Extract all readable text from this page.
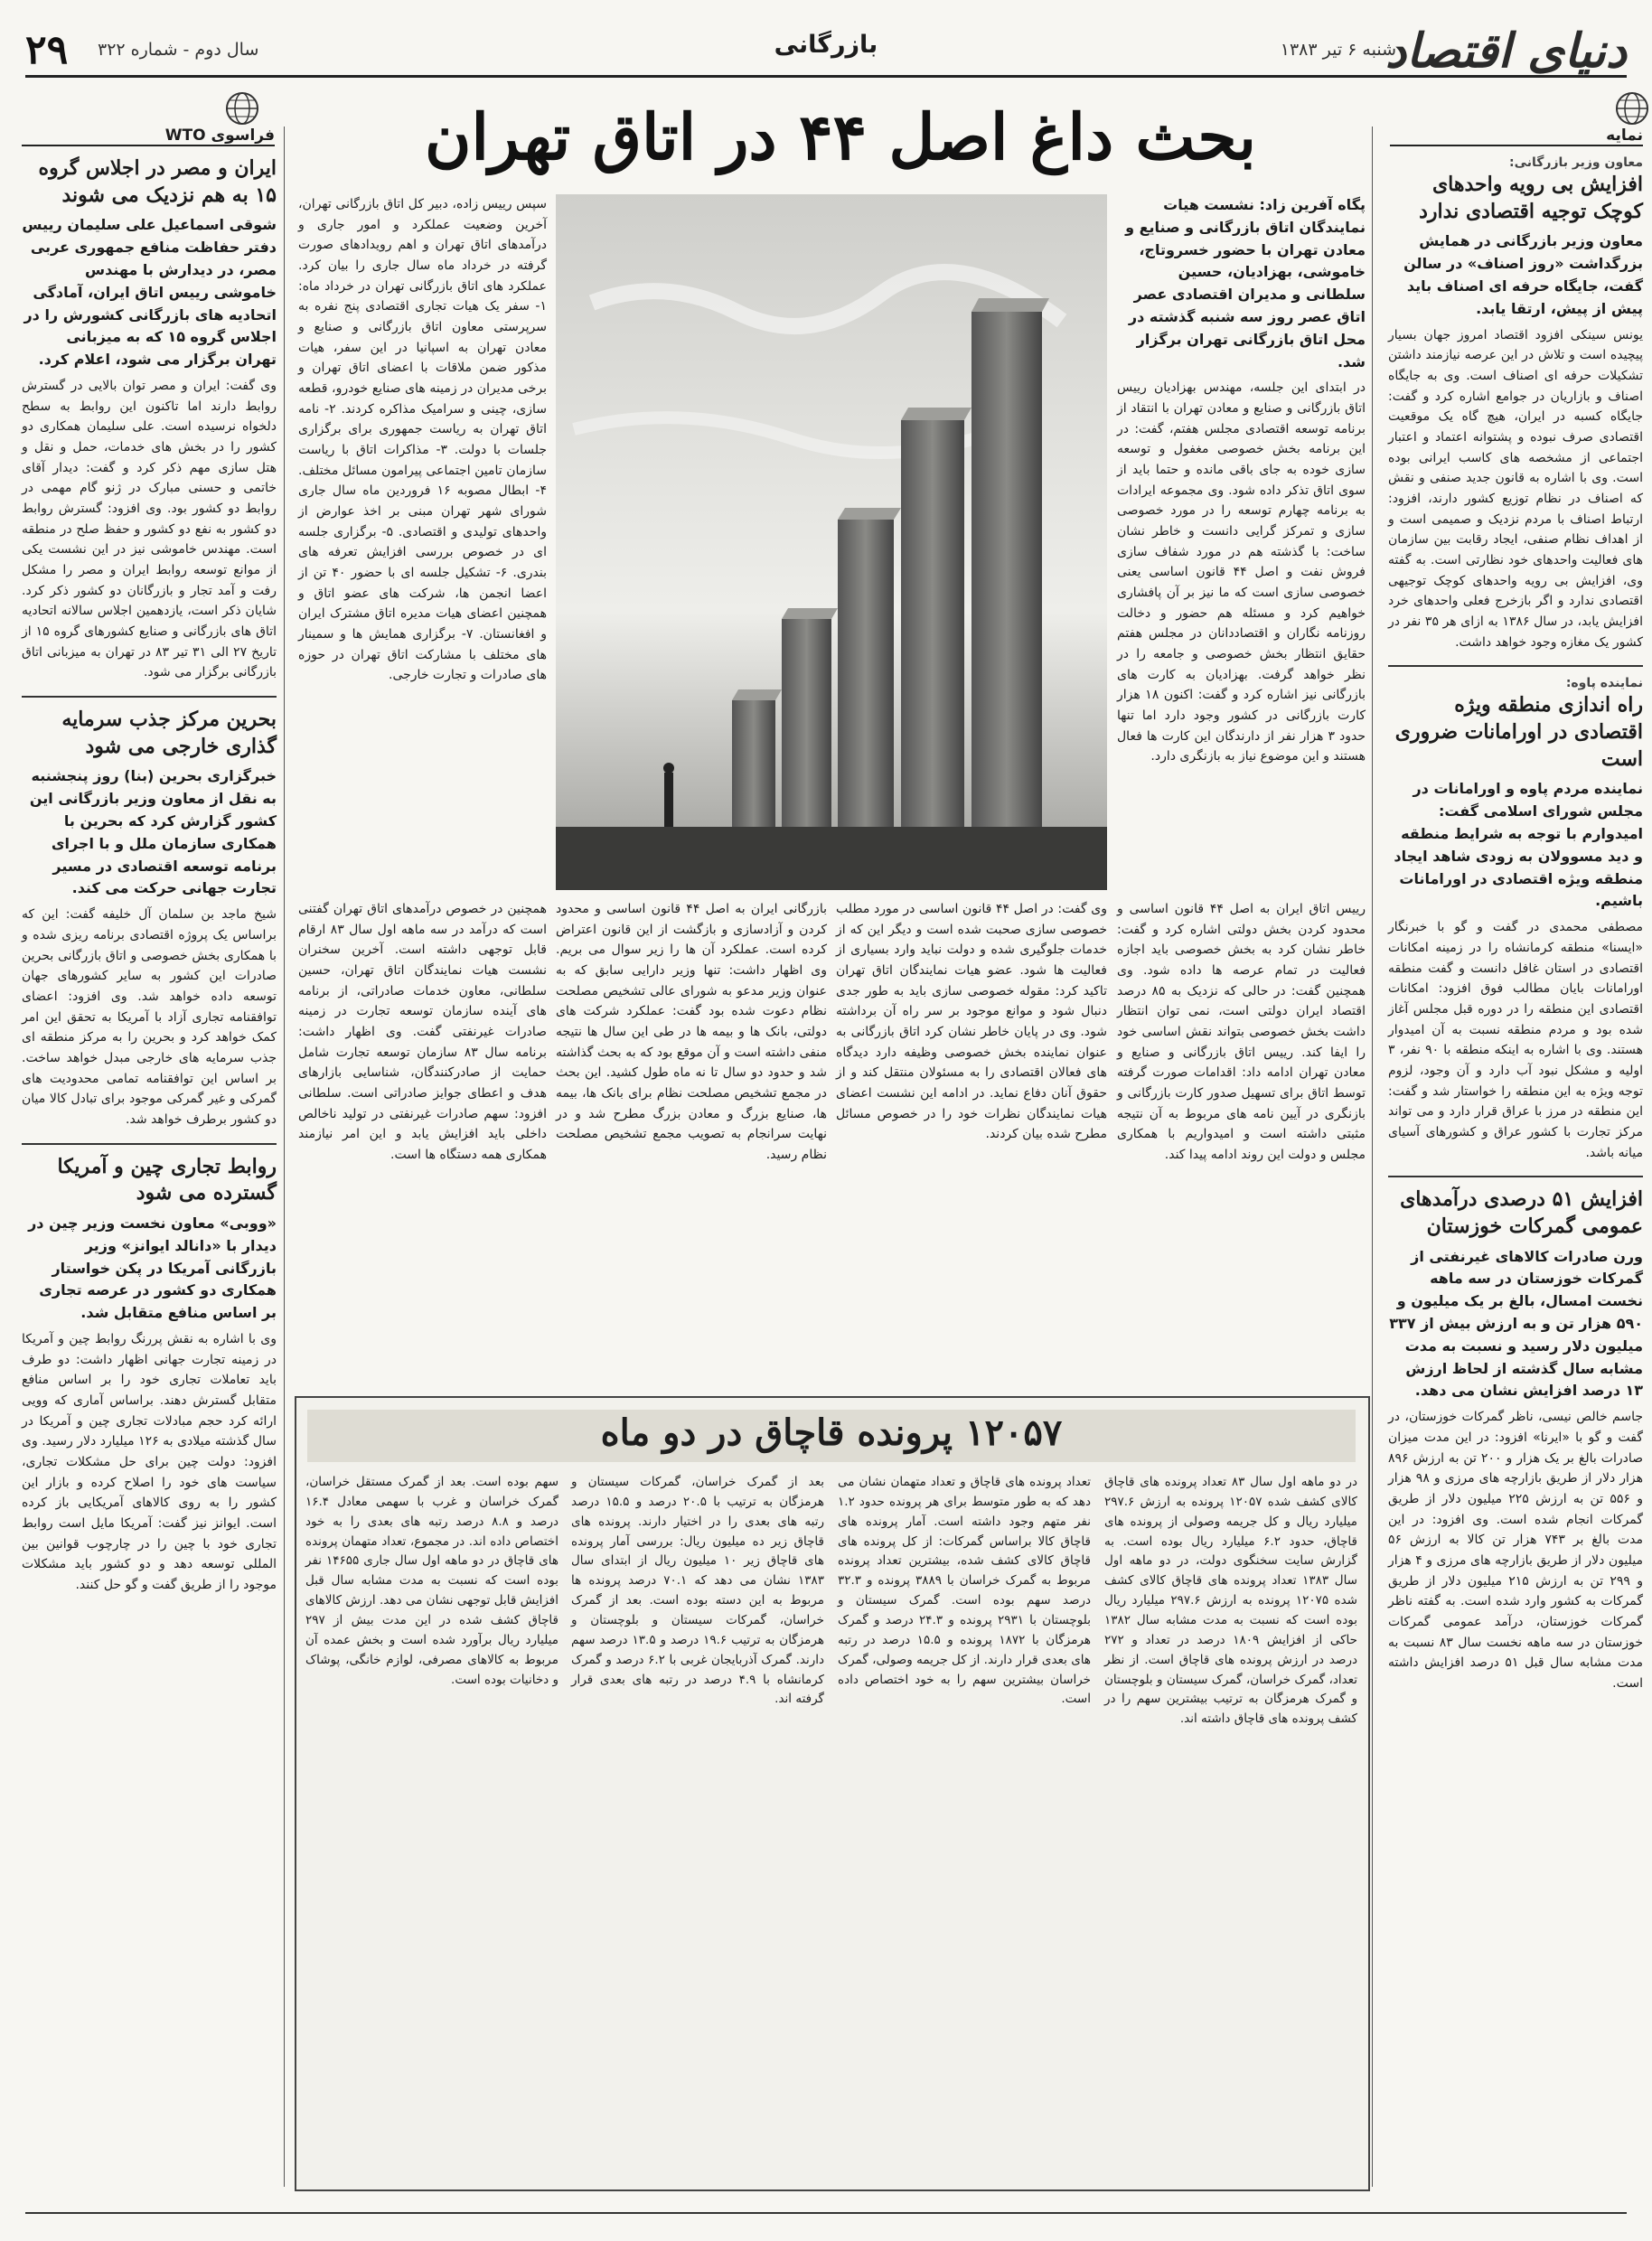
۲۹ سال دوم - شماره ۳۲۲	بازرگانی	شنبه ۶ تیر ۱۳۸۳
دنیای اقتصاد
نمایه
معاون وزیر بازرگانی:
افزایش بی رویه واحدهای کوچک توجیه اقتصادی ندارد
معاون وزیر بازرگانی در همایش بزرگداشت «روز اصناف» در سالن گفت، جایگاه حرفه ای اصناف باید پیش از پیش، ارتقا یابد.
یونس سینکی افزود اقتصاد امروز جهان بسیار پیچیده است و تلاش در این عرصه نیازمند داشتن تشکیلات حرفه ای اصناف است. وی به جایگاه اصناف و بازاریان در جوامع اشاره کرد و گفت: جایگاه کسبه در ایران، هیچ گاه یک موقعیت اقتصادی صرف نبوده و پشتوانه اعتماد و اعتبار اجتماعی از مشخصه های کاسب ایرانی بوده است. وی با اشاره به قانون جدید صنفی و نقش که اصناف در نظام توزیع کشور دارند، افزود: ارتباط اصناف با مردم نزدیک و صمیمی است و از اهداف نظام صنفی، ایجاد رقابت بین سازمان های فعالیت واحدهای خود نظارتی است. به گفته وی، افزایش بی رویه واحدهای کوچک توجیهی اقتصادی ندارد و اگر بازخرج فعلی واحدهای خرد افزایش یابد، در سال ۱۳۸۶ به ازای هر ۳۵ نفر در کشور یک مغازه وجود خواهد داشت.
نماینده پاوه:
راه اندازی منطقه ویژه اقتصادی در اورامانات ضروری است
نماینده مردم پاوه و اورامانات در مجلس شورای اسلامی گفت: اميدوارم با توجه به شرايط منطقه و ديد مسوولان به زودی شاهد ایجاد منطقه ويژه اقتصادی در اورامانات باشيم.
مصطفی محمدی در گفت و گو با خبرنگار «ایسنا» منطقه کرمانشاه را در زمینه امکانات اقتصادی در استان غافل دانست و گفت منطقه اورامانات بایان مطالب فوق افزود: امکانات اقتصادی این منطقه را در دوره قبل مجلس آغاز شده بود و مردم منطقه نسبت به آن امیدوار هستند. وی با اشاره به اینکه منطقه با ۹۰ نفر، ۳ اولیه و مشکل نبود آب دارد و آن وجود، لزوم توجه ویژه به این منطقه را خواستار شد و گفت: این منطقه در مرز با عراق قرار دارد و می تواند مرکز تجارت با کشور عراق و کشورهای آسیای میانه باشد.
افزایش ۵۱ درصدی درآمدهای عمومی گمرکات خوزستان
ورن صادرات کالاهای غیرنفتی از گمرکات خوزستان در سه ماهه نخست امسال، بالغ بر یک میلیون و ۵۹۰ هزار تن و به ارزش بیش از ۳۳۷ میلیون دلار رسید و نسبت به مدت مشابه سال گذشته از لحاظ ارزش ۱۳ درصد افزایش نشان می دهد.
جاسم خالص نیسی، ناظر گمرکات خوزستان، در گفت و گو با «ایرنا» افزود: در این مدت میزان صادرات بالغ بر یک هزار و ۲۰۰ تن به ارزش ۸۹۶ هزار دلار از طریق بازارچه های مرزی و ۹۸ هزار و ۵۵۶ تن به ارزش ۲۲۵ میلیون دلار از طریق گمرکات انجام شده است. وی افزود: در این مدت بالغ بر ۷۴۳ هزار تن کالا به ارزش ۵۶ میلیون دلار از طریق بازارچه های مرزی و ۴ هزار و ۲۹۹ تن به ارزش ۲۱۵ میلیون دلار از طریق گمرکات به کشور وارد شده است. به گفته ناظر گمرکات خوزستان، درآمد عمومی گمرکات خوزستان در سه ماهه نخست سال ۸۳ نسبت به مدت مشابه سال قبل ۵۱ درصد افزایش داشته است.
فراسوی WTO
ایران و مصر در اجلاس گروه ۱۵ به هم نزدیک می شوند
شوقی اسماعیل علی سلیمان رییس دفتر حفاظت منافع جمهوری عربی مصر، در دیدارش با مهندس خاموشی رییس اتاق ایران، آمادگی اتحادیه های بازرگانی کشورش را در اجلاس گروه ۱۵ که به میزبانی تهران برگزار می شود، اعلام کرد.
وی گفت: ایران و مصر توان بالایی در گسترش روابط دارند اما تاکنون این روابط به سطح دلخواه نرسیده است. علی سلیمان همکاری دو کشور را در بخش های خدمات، حمل و نقل و هتل سازی مهم ذکر کرد و گفت: دیدار آقای خاتمی و حسنی مبارک در ژنو گام مهمی در روابط دو کشور بود. وی افزود: گسترش روابط دو کشور به نفع دو کشور و حفظ صلح در منطقه است. مهندس خاموشی نیز در این نشست یکی از موانع توسعه روابط ایران و مصر را مشکل رفت و آمد تجار و بازرگانان دو کشور ذکر کرد. شایان ذکر است، یازدهمین اجلاس سالانه اتحادیه اتاق های بازرگانی و صنایع کشورهای گروه ۱۵ از تاریخ ۲۷ الی ۳۱ تیر ۸۳ در تهران به میزبانی اتاق بازرگانی برگزار می شود.
بحرین مرکز جذب سرمایه گذاری خارجی می شود
خبرگزاری بحرین (بنا) روز پنجشنبه به نقل از معاون وزیر بازرگانی این کشور گزارش کرد که بحرین با همکاری سازمان ملل و با اجرای برنامه توسعه اقتصادی در مسیر تجارت جهانی حرکت می کند.
شیخ ماجد بن سلمان آل خلیفه گفت: این که براساس یک پروژه اقتصادی برنامه ریزی شده و با همکاری بخش خصوصی و اتاق بازرگانی بحرین صادرات این کشور به سایر کشورهای جهان توسعه داده خواهد شد. وی افزود: اعضای توافقنامه تجاری آزاد با آمریکا به تحقق این امر کمک خواهد کرد و بحرین را به مرکز منطقه ای جذب سرمایه های خارجی مبدل خواهد ساخت. بر اساس این توافقنامه تمامی محدودیت های گمرکی و غیر گمرکی موجود برای تبادل کالا میان دو کشور برطرف خواهد شد.
روابط تجاری چین و آمریکا گسترده می شود
«ووبی» معاون نخست وزیر چین در دیدار با «دانالد ایوانز» وزیر بازرگانی آمریکا در پکن خواستار همکاری دو کشور در عرصه تجاری بر اساس منافع متقابل شد.
وی با اشاره به نقش پررنگ روابط چین و آمریکا در زمینه تجارت جهانی اظهار داشت: دو طرف باید تعاملات تجاری خود را بر اساس منافع متقابل گسترش دهند. براساس آماری که وویی ارائه کرد حجم مبادلات تجاری چین و آمریکا در سال گذشته میلادی به ۱۲۶ میلیارد دلار رسید. وی افزود: دولت چین برای حل مشکلات تجاری، سیاست های خود را اصلاح کرده و بازار این کشور را به روی کالاهای آمریکایی باز کرده است. ایوانز نیز گفت: آمریکا مایل است روابط تجاری خود با چین را در چارچوب قوانین بین المللی توسعه دهد و دو کشور باید مشکلات موجود را از طریق گفت و گو حل کنند.
بحث داغ اصل ۴۴ در اتاق تهران
پگاه آفرین زاد: نشست هیات نمایندگان اتاق بازرگانی و صنایع و معادن تهران با حضور خسروتاج، خاموشی، بهزادیان، حسین سلطانی و مدیران اقتصادی عصر اتاق عصر روز سه شنبه گذشته در محل اتاق بازرگانی تهران برگزار شد.
در ابتدای این جلسه، مهندس بهزادیان رییس اتاق بازرگانی و صنایع و معادن تهران با انتقاد از برنامه توسعه اقتصادی مجلس هفتم، گفت: در این برنامه بخش خصوصی مغفول و توسعه سازی خوده به جای باقی مانده و حتما باید از سوی اتاق تذکر داده شود. وی مجموعه ایرادات به برنامه چهارم توسعه را در مورد خصوصی سازی و تمرکز گرایی دانست و خاطر نشان ساخت: با گذشته هم در مورد شفاف سازی فروش نفت و اصل ۴۴ قانون اساسی یعنی خصوصی سازی است که ما نیز بر آن پافشاری خواهیم کرد و مسئله هم حضور و دخالت روزنامه نگاران و اقتصاددانان در مجلس هفتم حقایق انتظار بخش خصوصی و جامعه را در نظر خواهد گرفت. بهزادیان به کارت های بازرگانی نیز اشاره کرد و گفت: اکنون ۱۸ هزار کارت بازرگانی در کشور وجود دارد اما تنها حدود ۳ هزار نفر از دارندگان این کارت ها فعال هستند و این موضوع نیاز به بازنگری دارد.
سپس رییس زاده، دبیر کل اتاق بازرگانی تهران، آخرین وضعیت عملکرد و امور جاری و درآمدهای اتاق تهران و اهم رویدادهای صورت گرفته در خرداد ماه سال جاری را بیان کرد. عملکرد های اتاق بازرگانی تهران در خرداد ماه: ۱- سفر یک هیات تجاری اقتصادی پنج نفره به سرپرستی معاون اتاق بازرگانی و صنایع و معادن تهران به اسپانیا در این سفر، هیات مذکور ضمن ملاقات با اعضای اتاق تهران و برخی مدیران در زمینه های صنایع خودرو، قطعه سازی، چینی و سرامیک مذاکره کردند. ۲- نامه اتاق تهران به ریاست جمهوری برای برگزاری جلسات با دولت. ۳- مذاکرات اتاق با ریاست سازمان تامین اجتماعی پیرامون مسائل مختلف. ۴- ابطال مصوبه ۱۶ فروردین ماه سال جاری شورای شهر تهران مبنی بر اخذ عوارض از واحدهای تولیدی و اقتصادی. ۵- برگزاری جلسه ای در خصوص بررسی افزایش تعرفه های بندری. ۶- تشکیل جلسه ای با حضور ۴۰ تن از اعضا انجمن ها، شرکت های عضو اتاق و همچنین اعضای هیات مدیره اتاق مشترک ایران و افغانستان. ۷- برگزاری همایش ها و سمینار های مختلف با مشارکت اتاق تهران در حوزه های صادرات و تجارت خارجی.
رییس اتاق ایران به اصل ۴۴ قانون اساسی و محدود کردن بخش دولتی اشاره کرد و گفت: خاطر نشان کرد به بخش خصوصی باید اجازه فعالیت در تمام عرصه ها داده شود. وی همچنین گفت: در حالی که نزدیک به ۸۵ درصد اقتصاد ایران دولتی است، نمی توان انتظار داشت بخش خصوصی بتواند نقش اساسی خود را ایفا کند. رییس اتاق بازرگانی و صنایع و معادن تهران ادامه داد: اقدامات صورت گرفته توسط اتاق برای تسهیل صدور کارت بازرگانی و بازنگری در آیین نامه های مربوط به آن نتیجه مثبتی داشته است و امیدواریم با همکاری مجلس و دولت این روند ادامه پیدا کند.
وی گفت: در اصل ۴۴ قانون اساسی در مورد مطلب خصوصی سازی صحبت شده است و دیگر این که از خدمات جلوگیری شده و دولت نباید وارد بسیاری از فعالیت ها شود. عضو هیات نمایندگان اتاق تهران تاکید کرد: مقوله خصوصی سازی باید به طور جدی دنبال شود و موانع موجود بر سر راه آن برداشته شود. وی در پایان خاطر نشان کرد اتاق بازرگانی به عنوان نماینده بخش خصوصی وظیفه دارد دیدگاه های فعالان اقتصادی را به مسئولان منتقل کند و از حقوق آنان دفاع نماید. در ادامه این نشست اعضای هیات نمایندگان نظرات خود را در خصوص مسائل مطرح شده بیان کردند.
بازرگانی ایران به اصل ۴۴ قانون اساسی و محدود کردن و آزادسازی و بازگشت از این قانون اعتراض کرده است. عملکرد آن ها را زیر سوال می بریم. وی اظهار داشت: تنها وزیر دارایی سابق که به عنوان وزیر مدعو به شورای عالی تشخیص مصلحت نظام دعوت شده بود گفت: عملکرد شرکت های دولتی، بانک ها و بیمه ها در طی این سال ها نتیجه منفی داشته است و آن موقع بود که به بحث گذاشته شد و حدود دو سال تا نه ماه طول کشید. این بحث در مجمع تشخیص مصلحت نظام برای بانک ها، بیمه ها، صنایع بزرگ و معادن بزرگ مطرح شد و در نهایت سرانجام به تصویب مجمع تشخیص مصلحت نظام رسید.
همچنین در خصوص درآمدهای اتاق تهران گفتنی است که درآمد در سه ماهه اول سال ۸۳ ارقام قابل توجهی داشته است. آخرین سخنران نشست هیات نمایندگان اتاق تهران، حسین سلطانی، معاون خدمات صادراتی، از برنامه های آینده سازمان توسعه تجارت در زمینه صادرات غیرنفتی گفت. وی اظهار داشت: برنامه سال ۸۳ سازمان توسعه تجارت شامل حمایت از صادرکنندگان، شناسایی بازارهای هدف و اعطای جوایز صادراتی است. سلطانی افزود: سهم صادرات غیرنفتی در تولید ناخالص داخلی باید افزایش یابد و این امر نیازمند همکاری همه دستگاه ها است.
۱۲۰۵۷ پرونده قاچاق در دو ماه
در دو ماهه اول سال ۸۳ تعداد پرونده های قاچاق کالای کشف شده ۱۲۰۵۷ پرونده به ارزش ۲۹۷.۶ میلیارد ریال و کل جریمه وصولی از پرونده های قاچاق، حدود ۶.۲ میلیارد ریال بوده است. به گزارش سایت سخنگوی دولت، در دو ماهه اول سال ۱۳۸۳ تعداد پرونده های قاچاق کالای کشف شده ۱۲۰۷۵ پرونده به ارزش ۲۹۷.۶ میلیارد ریال بوده است که نسبت به مدت مشابه سال ۱۳۸۲ حاکی از افزایش ۱۸۰۹ درصد در تعداد و ۲۷۲ درصد در ارزش پرونده های قاچاق است. از نظر تعداد، گمرک خراسان، گمرک سیستان و بلوچستان و گمرک هرمزگان به ترتیب بیشترین سهم را در کشف پرونده های قاچاق داشته اند.
تعداد پرونده های قاچاق و تعداد متهمان نشان می دهد که به طور متوسط برای هر پرونده حدود ۱.۲ نفر متهم وجود داشته است. آمار پرونده های قاچاق کالا براساس گمرکات: از کل پرونده های قاچاق کالای کشف شده، بیشترین تعداد پرونده مربوط به گمرک خراسان با ۳۸۸۹ پرونده و ۳۲.۳ درصد سهم بوده است. گمرک سیستان و بلوچستان با ۲۹۳۱ پرونده و ۲۴.۳ درصد و گمرک هرمزگان با ۱۸۷۲ پرونده و ۱۵.۵ درصد در رتبه های بعدی قرار دارند. از کل جریمه وصولی، گمرک خراسان بیشترین سهم را به خود اختصاص داده است.
بعد از گمرک خراسان، گمرکات سیستان و هرمزگان به ترتیب با ۲۰.۵ درصد و ۱۵.۵ درصد رتبه های بعدی را در اختیار دارند. پرونده های قاچاق زیر ده میلیون ریال: بررسی آمار پرونده های قاچاق زیر ۱۰ میلیون ریال از ابتدای سال ۱۳۸۳ نشان می دهد که ۷۰.۱ درصد پرونده ها مربوط به این دسته بوده است. بعد از گمرک خراسان، گمرکات سیستان و بلوچستان و هرمزگان به ترتیب ۱۹.۶ درصد و ۱۳.۵ درصد سهم دارند. گمرک آذربایجان غربی با ۶.۲ درصد و گمرک کرمانشاه با ۴.۹ درصد در رتبه های بعدی قرار گرفته اند.
سهم بوده است. بعد از گمرک مستقل خراسان، گمرک خراسان و غرب با سهمی معادل ۱۶.۴ درصد و ۸.۸ درصد رتبه های بعدی را به خود اختصاص داده اند. در مجموع، تعداد متهمان پرونده های قاچاق در دو ماهه اول سال جاری ۱۴۶۵۵ نفر بوده است که نسبت به مدت مشابه سال قبل افزایش قابل توجهی نشان می دهد. ارزش کالاهای قاچاق کشف شده در این مدت بیش از ۲۹۷ میلیارد ریال برآورد شده است و بخش عمده آن مربوط به کالاهای مصرفی، لوازم خانگی، پوشاک و دخانیات بوده است.
